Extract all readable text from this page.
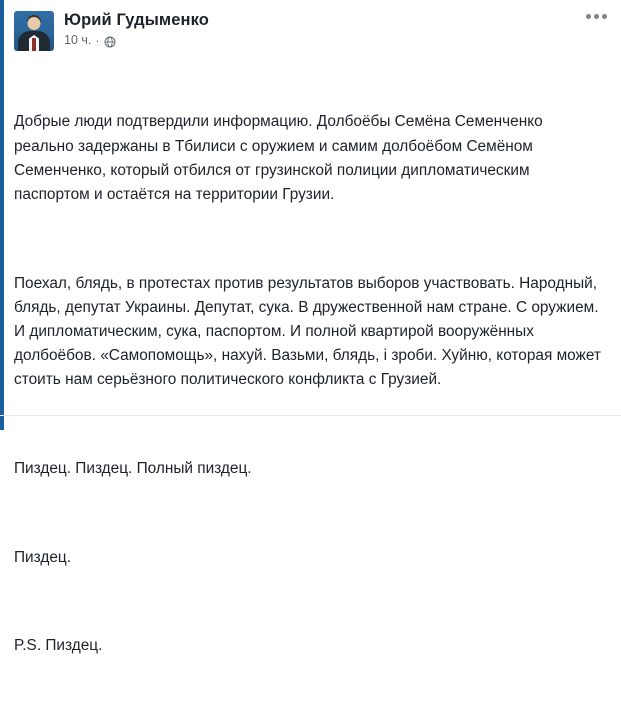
Юрий Гудыменко
10 ч. ·

Добрые люди подтвердили информацию. Долбоёбы Семёна Семенченко реально задержаны в Тбилиси с оружием и самим долбоёбом Семёном Семенченко, который отбился от грузинской полиции дипломатическим паспортом и остаётся на территории Грузии.

Поехал, блядь, в протестах против результатов выборов участвовать. Народный, блядь, депутат Украины. Депутат, сука. В дружественной нам стране. С оружием. И дипломатическим, сука, паспортом. И полной квартирой вооружённых долбоёбов. «Самопомощь», нахуй. Вазьми, блядь, і зроби. Хуйню, которая может стоить нам серьёзного политического конфликта с Грузией.

Пиздец. Пиздец. Полный пиздец.

Пиздец.

P.S. Пиздец.
